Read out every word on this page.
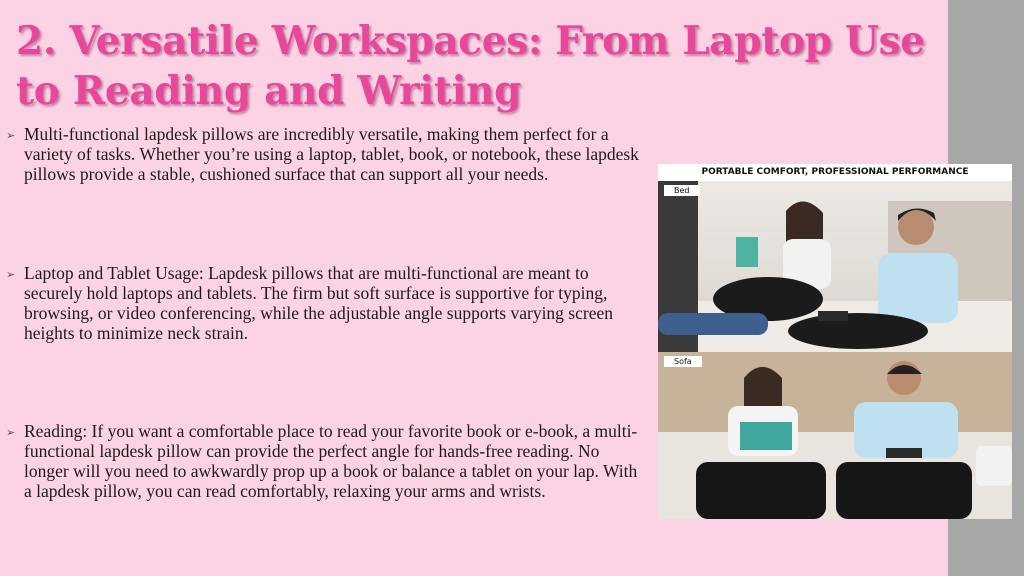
2. Versatile Workspaces: From Laptop Use to Reading and Writing
➢ Multi-functional lapdesk pillows are incredibly versatile, making them perfect for a variety of tasks. Whether you’re using a laptop, tablet, book, or notebook, these lapdesk pillows provide a stable, cushioned surface that can support all your needs.
➢ Laptop and Tablet Usage: Lapdesk pillows that are multi-functional are meant to securely hold laptops and tablets. The firm but soft surface is supportive for typing, browsing, or video conferencing, while the adjustable angle supports varying screen heights to minimize neck strain.
➢ Reading: If you want a comfortable place to read your favorite book or e-book, a multi-functional lapdesk pillow can provide the perfect angle for hands-free reading. No longer will you need to awkwardly prop up a book or balance a tablet on your lap. With a lapdesk pillow, you can read comfortably, relaxing your arms and wrists.
PORTABLE COMFORT, PROFESSIONAL PERFORMANCE
Bed
Sofa
